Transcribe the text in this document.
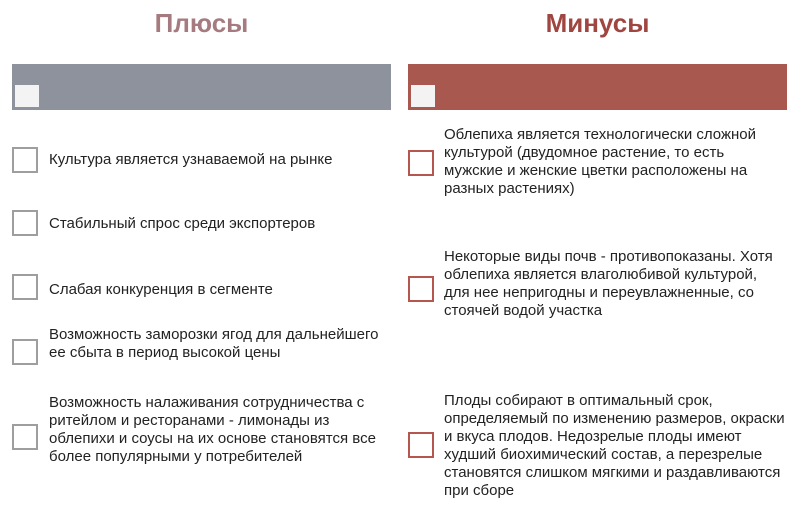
Плюсы
Культура является узнаваемой на рынке
Стабильный спрос среди экспортеров
Слабая конкуренция в сегменте
Возможность заморозки ягод для дальнейшего ее сбыта в период высокой цены
Возможность налаживания сотрудничества с ритейлом и ресторанами - лимонады из облепихи и соусы на их основе становятся все более популярными у потребителей
Минусы
Облепиха является технологически сложной культурой (двудомное растение, то есть мужские и женские цветки расположены на разных растениях)
Некоторые виды почв - противопоказаны. Хотя облепиха является влаголюбивой культурой, для нее непригодны и переувлажненные, со стоячей водой участка
Плоды собирают в оптимальный срок, определяемый по изменению размеров, окраски и вкуса плодов. Недозрелые плоды имеют худший биохимический состав, а перезрелые становятся слишком мягкими и раздавливаются при сборе
